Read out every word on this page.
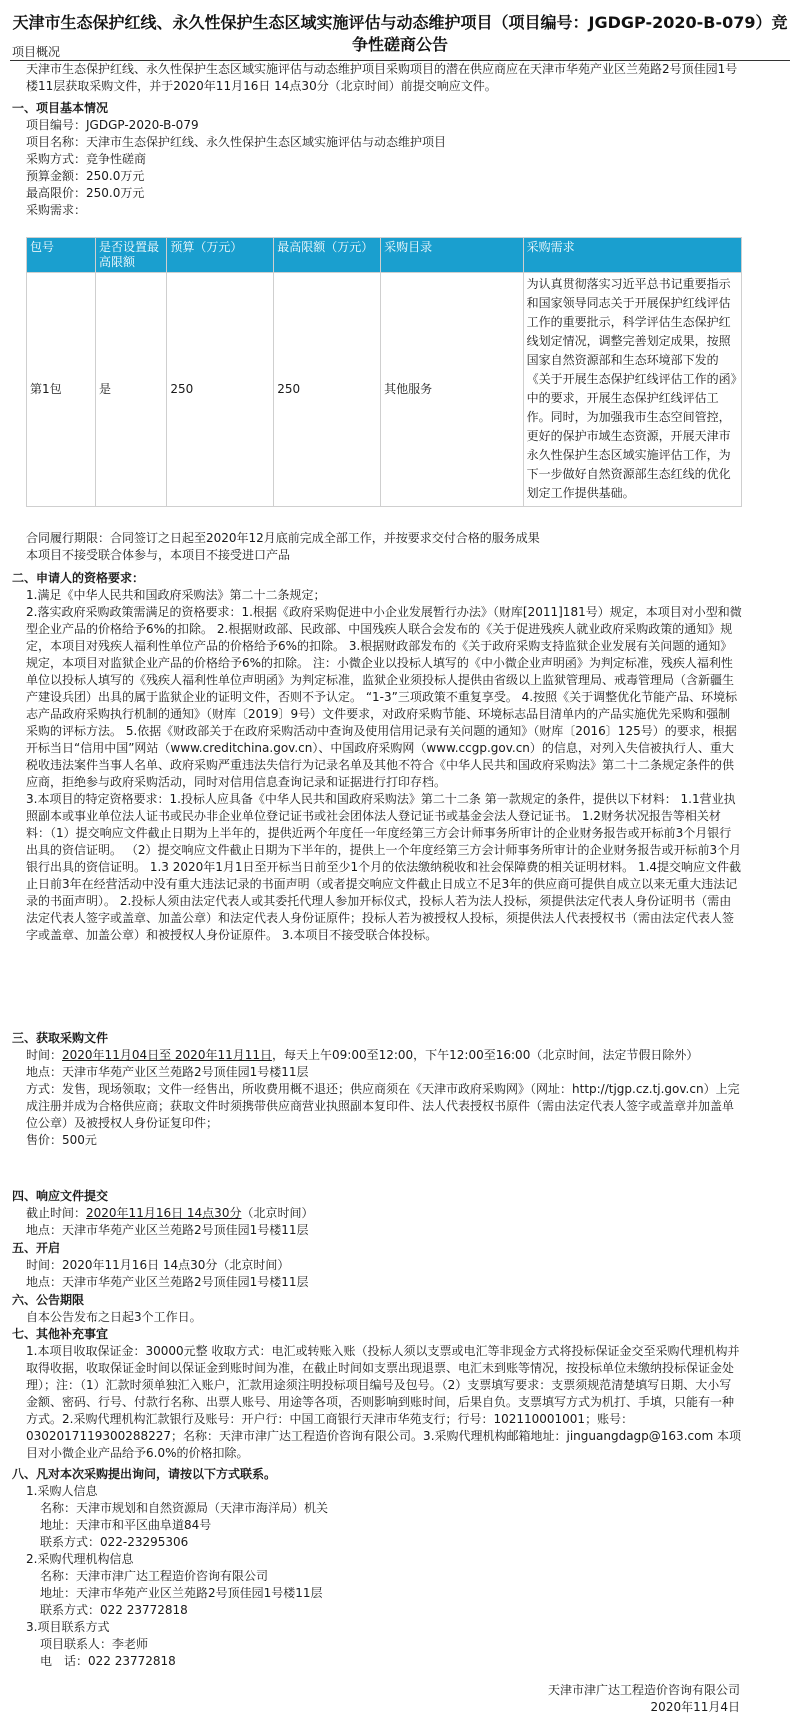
天津市生态保护红线、永久性保护生态区域实施评估与动态维护项目（项目编号：JGDGP-2020-B-079）竞争性磋商公告
项目概况
天津市生态保护红线、永久性保护生态区域实施评估与动态维护项目采购项目的潜在供应商应在天津市华苑产业区兰苑路2号顶佳园1号楼11层获取采购文件，并于2020年11月16日 14点30分（北京时间）前提交响应文件。
一、项目基本情况
项目编号：JGDGP-2020-B-079
项目名称：天津市生态保护红线、永久性保护生态区域实施评估与动态维护项目
采购方式：竞争性磋商
预算金额：250.0万元
最高限价：250.0万元
采购需求：
包号	是否设置最高限额	预算（万元）	最高限额（万元）	采购目录	采购需求
第1包	是	250	250	其他服务	为认真贯彻落实习近平总书记重要指示和国家领导同志关于开展保护红线评估工作的重要批示，科学评估生态保护红线划定情况，调整完善划定成果，按照国家自然资源部和生态环境部下发的《关于开展生态保护红线评估工作的函》中的要求，开展生态保护红线评估工作。同时，为加强我市生态空间管控，更好的保护市域生态资源，开展天津市永久性保护生态区域实施评估工作，为下一步做好自然资源部生态红线的优化划定工作提供基础。
合同履行期限：合同签订之日起至2020年12月底前完成全部工作，并按要求交付合格的服务成果
本项目不接受联合体参与，本项目不接受进口产品
二、申请人的资格要求：
1.满足《中华人民共和国政府采购法》第二十二条规定；
2.落实政府采购政策需满足的资格要求：1.根据《政府采购促进中小企业发展暂行办法》（财库[2011]181号）规定，本项目对小型和微型企业产品的价格给予6%的扣除。 2.根据财政部、民政部、中国残疾人联合会发布的《关于促进残疾人就业政府采购政策的通知》规定，本项目对残疾人福利性单位产品的价格给予6%的扣除。 3.根据财政部发布的《关于政府采购支持监狱企业发展有关问题的通知》规定，本项目对监狱企业产品的价格给予6%的扣除。 注：小微企业以投标人填写的《中小微企业声明函》为判定标准，残疾人福利性单位以投标人填写的《残疾人福利性单位声明函》为判定标准，监狱企业须投标人提供由省级以上监狱管理局、戒毒管理局（含新疆生产建设兵团）出具的属于监狱企业的证明文件，否则不予认定。 “1-3”三项政策不重复享受。 4.按照《关于调整优化节能产品、环境标志产品政府采购执行机制的通知》（财库〔2019〕9号）文件要求，对政府采购节能、环境标志品目清单内的产品实施优先采购和强制采购的评标方法。 5.依据《财政部关于在政府采购活动中查询及使用信用记录有关问题的通知》（财库〔2016〕125号）的要求，根据开标当日“信用中国”网站（www.creditchina.gov.cn）、中国政府采购网（www.ccgp.gov.cn）的信息，对列入失信被执行人、重大税收违法案件当事人名单、政府采购严重违法失信行为记录名单及其他不符合《中华人民共和国政府采购法》第二十二条规定条件的供应商，拒绝参与政府采购活动，同时对信用信息查询记录和证据进行打印存档。
3.本项目的特定资格要求：1.投标人应具备《中华人民共和国政府采购法》第二十二条 第一款规定的条件，提供以下材料： 1.1营业执照副本或事业单位法人证书或民办非企业单位登记证书或社会团体法人登记证书或基金会法人登记证书。 1.2财务状况报告等相关材料：（1）提交响应文件截止日期为上半年的，提供近两个年度任一年度经第三方会计师事务所审计的企业财务报告或开标前3个月银行出具的资信证明。 （2）提交响应文件截止日期为下半年的，提供上一个年度经第三方会计师事务所审计的企业财务报告或开标前3个月银行出具的资信证明。 1.3 2020年1月1日至开标当日前至少1个月的依法缴纳税收和社会保障费的相关证明材料。 1.4提交响应文件截止日前3年在经营活动中没有重大违法记录的书面声明（或者提交响应文件截止日成立不足3年的供应商可提供自成立以来无重大违法记录的书面声明）。 2.投标人须由法定代表人或其委托代理人参加开标仪式，投标人若为法人投标，须提供法定代表人身份证明书（需由法定代表人签字或盖章、加盖公章）和法定代表人身份证原件；投标人若为被授权人投标，须提供法人代表授权书（需由法定代表人签字或盖章、加盖公章）和被授权人身份证原件。 3.本项目不接受联合体投标。
三、获取采购文件
时间：2020年11月04日至 2020年11月11日，每天上午09:00至12:00，下午12:00至16:00（北京时间，法定节假日除外）
地点：天津市华苑产业区兰苑路2号顶佳园1号楼11层
方式：发售，现场领取；文件一经售出，所收费用概不退还；供应商须在《天津市政府采购网》（网址：http://tjgp.cz.tj.gov.cn）上完成注册并成为合格供应商；获取文件时须携带供应商营业执照副本复印件、法人代表授权书原件（需由法定代表人签字或盖章并加盖单位公章）及被授权人身份证复印件；
售价：500元
四、响应文件提交
截止时间：2020年11月16日 14点30分（北京时间）
地点：天津市华苑产业区兰苑路2号顶佳园1号楼11层
五、开启
时间：2020年11月16日 14点30分（北京时间）
地点：天津市华苑产业区兰苑路2号顶佳园1号楼11层
六、公告期限
自本公告发布之日起3个工作日。
七、其他补充事宜
1.本项目收取保证金：30000元整 收取方式：电汇或转账入账（投标人须以支票或电汇等非现金方式将投标保证金交至采购代理机构并取得收据，收取保证金时间以保证金到账时间为准，在截止时间如支票出现退票、电汇未到账等情况，按投标单位未缴纳投标保证金处理）；注：（1）汇款时须单独汇入账户，汇款用途须注明投标项目编号及包号。（2）支票填写要求：支票须规范清楚填写日期、大小写金额、密码、行号、付款行名称、出票人账号、用途等各项，否则影响到账时间，后果自负。支票填写方式为机打、手填，只能有一种方式。2.采购代理机构汇款银行及账号：开户行：中国工商银行天津市华苑支行；行号：102110001001；账号：0302017119300288227；名称：天津市津广达工程造价咨询有限公司。3.采购代理机构邮箱地址：jinguangdagp@163.com 本项目对小微企业产品给予6.0%的价格扣除。
八、凡对本次采购提出询问，请按以下方式联系。
1.采购人信息
名称：天津市规划和自然资源局（天津市海洋局）机关
地址：天津市和平区曲阜道84号
联系方式：022-23295306
2.采购代理机构信息
名称：天津市津广达工程造价咨询有限公司
地址：天津市华苑产业区兰苑路2号顶佳园1号楼11层
联系方式：022 23772818
3.项目联系方式
项目联系人：李老师
电　话：022 23772818
天津市津广达工程造价咨询有限公司
2020年11月4日
